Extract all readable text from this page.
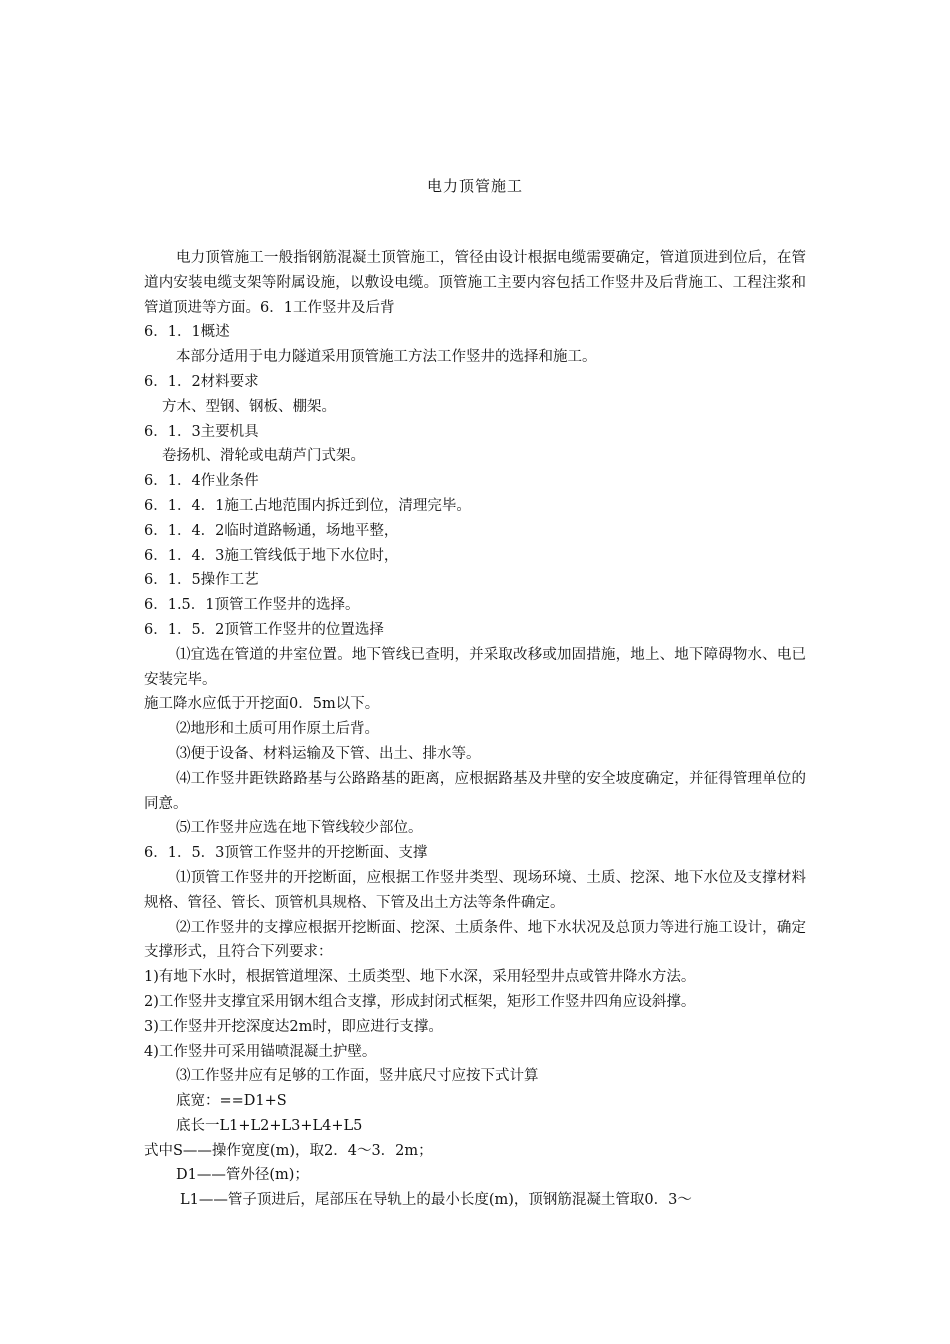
电力顶管施工

电力顶管施工一般指钢筋混凝土顶管施工，管径由设计根据电缆需要确定，管道顶进到位后，在管道内安装电缆支架等附属设施，以敷设电缆。顶管施工主要内容包括工作竖井及后背施工、工程注浆和管道顶进等方面。6．1工作竖井及后背

6．1．1概述

本部分适用于电力隧道采用顶管施工方法工作竖井的选择和施工。

6．1．2材料要求

方木、型钢、钢板、棚架。

6．1．3主要机具

卷扬机、滑轮或电葫芦门式架。

6．1．4作业条件

6．1．4．1施工占地范围内拆迁到位，清理完毕。

6．1．4．2临时道路畅通，场地平整，

6．1．4．3施工管线低于地下水位时，

6．1．5操作工艺

6．1.5．1顶管工作竖井的选择。

6．1．5．2顶管工作竖井的位置选择

⑴宜选在管道的井室位置。地下管线已查明，并采取改移或加固措施，地上、地下障碍物水、电已安装完毕。

施工降水应低于开挖面0．5m以下。

⑵地形和土质可用作原土后背。

⑶便于设备、材料运输及下管、出土、排水等。

⑷工作竖井距铁路路基与公路路基的距离，应根据路基及井壁的安全坡度确定，并征得管理单位的同意。

⑸工作竖井应选在地下管线较少部位。

6．1．5．3顶管工作竖井的开挖断面、支撑

⑴顶管工作竖井的开挖断面，应根据工作竖井类型、现场环境、土质、挖深、地下水位及支撑材料规格、管径、管长、顶管机具规格、下管及出土方法等条件确定。

⑵工作竖井的支撑应根据开挖断面、挖深、土质条件、地下水状况及总顶力等进行施工设计，确定支撑形式，且符合下列要求：

1)有地下水时，根据管道埋深、土质类型、地下水深，采用轻型井点或管井降水方法。

2)工作竖井支撑宜采用钢木组合支撑，形成封闭式框架，矩形工作竖井四角应设斜撑。

3)工作竖井开挖深度达2m时，即应进行支撑。

4)工作竖井可采用锚喷混凝土护壁。

⑶工作竖井应有足够的工作面，竖井底尺寸应按下式计算

底宽：==D1+S

底长一L1+L2+L3+L4+L5

式中S——操作宽度(m)，取2．4～3．2m；

D1——管外径(m)；

L1——管子顶进后，尾部压在导轨上的最小长度(m)，顶钢筋混凝土管取0．3～
